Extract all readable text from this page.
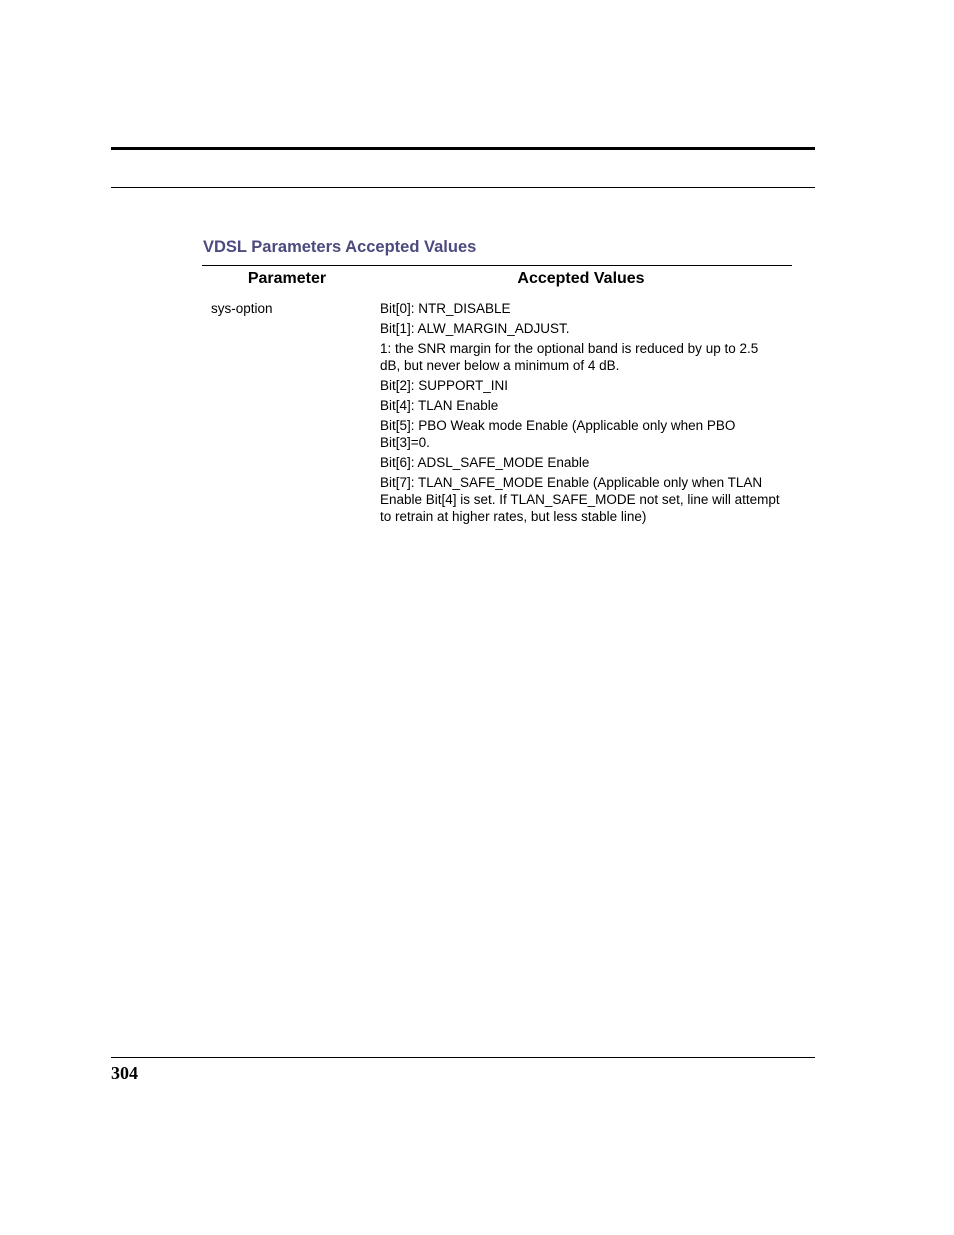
VDSL Parameters Accepted Values
Parameter	Accepted Values
sys-option	Bit[0]: NTR_DISABLE
Bit[1]: ALW_MARGIN_ADJUST.
1: the SNR margin for the optional band is reduced by up to 2.5 dB, but never below a minimum of 4 dB.
Bit[2]: SUPPORT_INI
Bit[4]: TLAN Enable
Bit[5]: PBO Weak mode Enable (Applicable only when PBO Bit[3]=0.
Bit[6]: ADSL_SAFE_MODE Enable
Bit[7]: TLAN_SAFE_MODE Enable (Applicable only when TLAN Enable Bit[4] is set. If TLAN_SAFE_MODE not set, line will attempt to retrain at higher rates, but less stable line)
304
